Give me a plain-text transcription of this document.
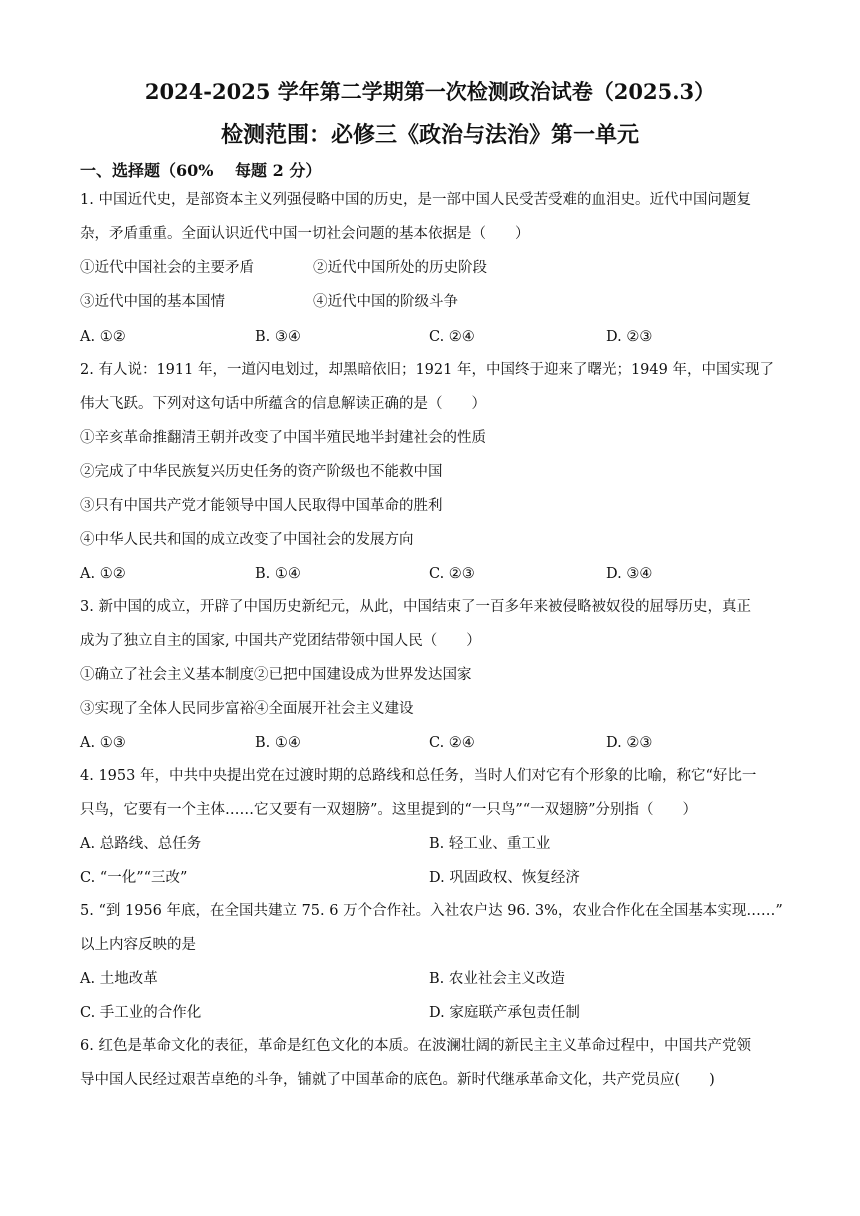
2024-2025 学年第二学期第一次检测政治试卷（2025.3）
检测范围：必修三《政治与法治》第一单元
一、选择题（60%　 每题 2 分）
1. 中国近代史，是部资本主义列强侵略中国的历史，是一部中国人民受苦受难的血泪史。近代中国问题复
杂，矛盾重重。全面认识近代中国一切社会问题的基本依据是（　　）
①近代中国社会的主要矛盾	②近代中国所处的历史阶段
③近代中国的基本国情	④近代中国的阶级斗争
A. ①②	B. ③④	C. ②④	D. ②③
2. 有人说：1911 年，一道闪电划过，却黑暗依旧；1921 年，中国终于迎来了曙光；1949 年，中国实现了
伟大飞跃。下列对这句话中所蕴含的信息解读正确的是（　　）
①辛亥革命推翻清王朝并改变了中国半殖民地半封建社会的性质
②完成了中华民族复兴历史任务的资产阶级也不能救中国
③只有中国共产党才能领导中国人民取得中国革命的胜利
④中华人民共和国的成立改变了中国社会的发展方向
A. ①②	B. ①④	C. ②③	D. ③④
3. 新中国的成立，开辟了中国历史新纪元，从此，中国结束了一百多年来被侵略被奴役的屈辱历史，真正
成为了独立自主的国家, 中国共产党团结带领中国人民（　　）
①确立了社会主义基本制度②已把中国建设成为世界发达国家
③实现了全体人民同步富裕④全面展开社会主义建设
A. ①③	B. ①④	C. ②④	D. ②③
4. 1953 年，中共中央提出党在过渡时期的总路线和总任务，当时人们对它有个形象的比喻，称它“好比一
只鸟，它要有一个主体……它又要有一双翅膀”。这里提到的“一只鸟”“一双翅膀”分别指（　　）
A. 总路线、总任务	B. 轻工业、重工业
C. “一化”“三改”	D. 巩固政权、恢复经济
5. “到 1956 年底，在全国共建立 75. 6 万个合作社。入社农户达 96. 3%，农业合作化在全国基本实现……”
以上内容反映的是
A. 土地改革	B. 农业社会主义改造
C. 手工业的合作化	D. 家庭联产承包责任制
6. 红色是革命文化的表征，革命是红色文化的本质。在波澜壮阔的新民主主义革命过程中，中国共产党领
导中国人民经过艰苦卓绝的斗争，铺就了中国革命的底色。新时代继承革命文化，共产党员应(　　)
